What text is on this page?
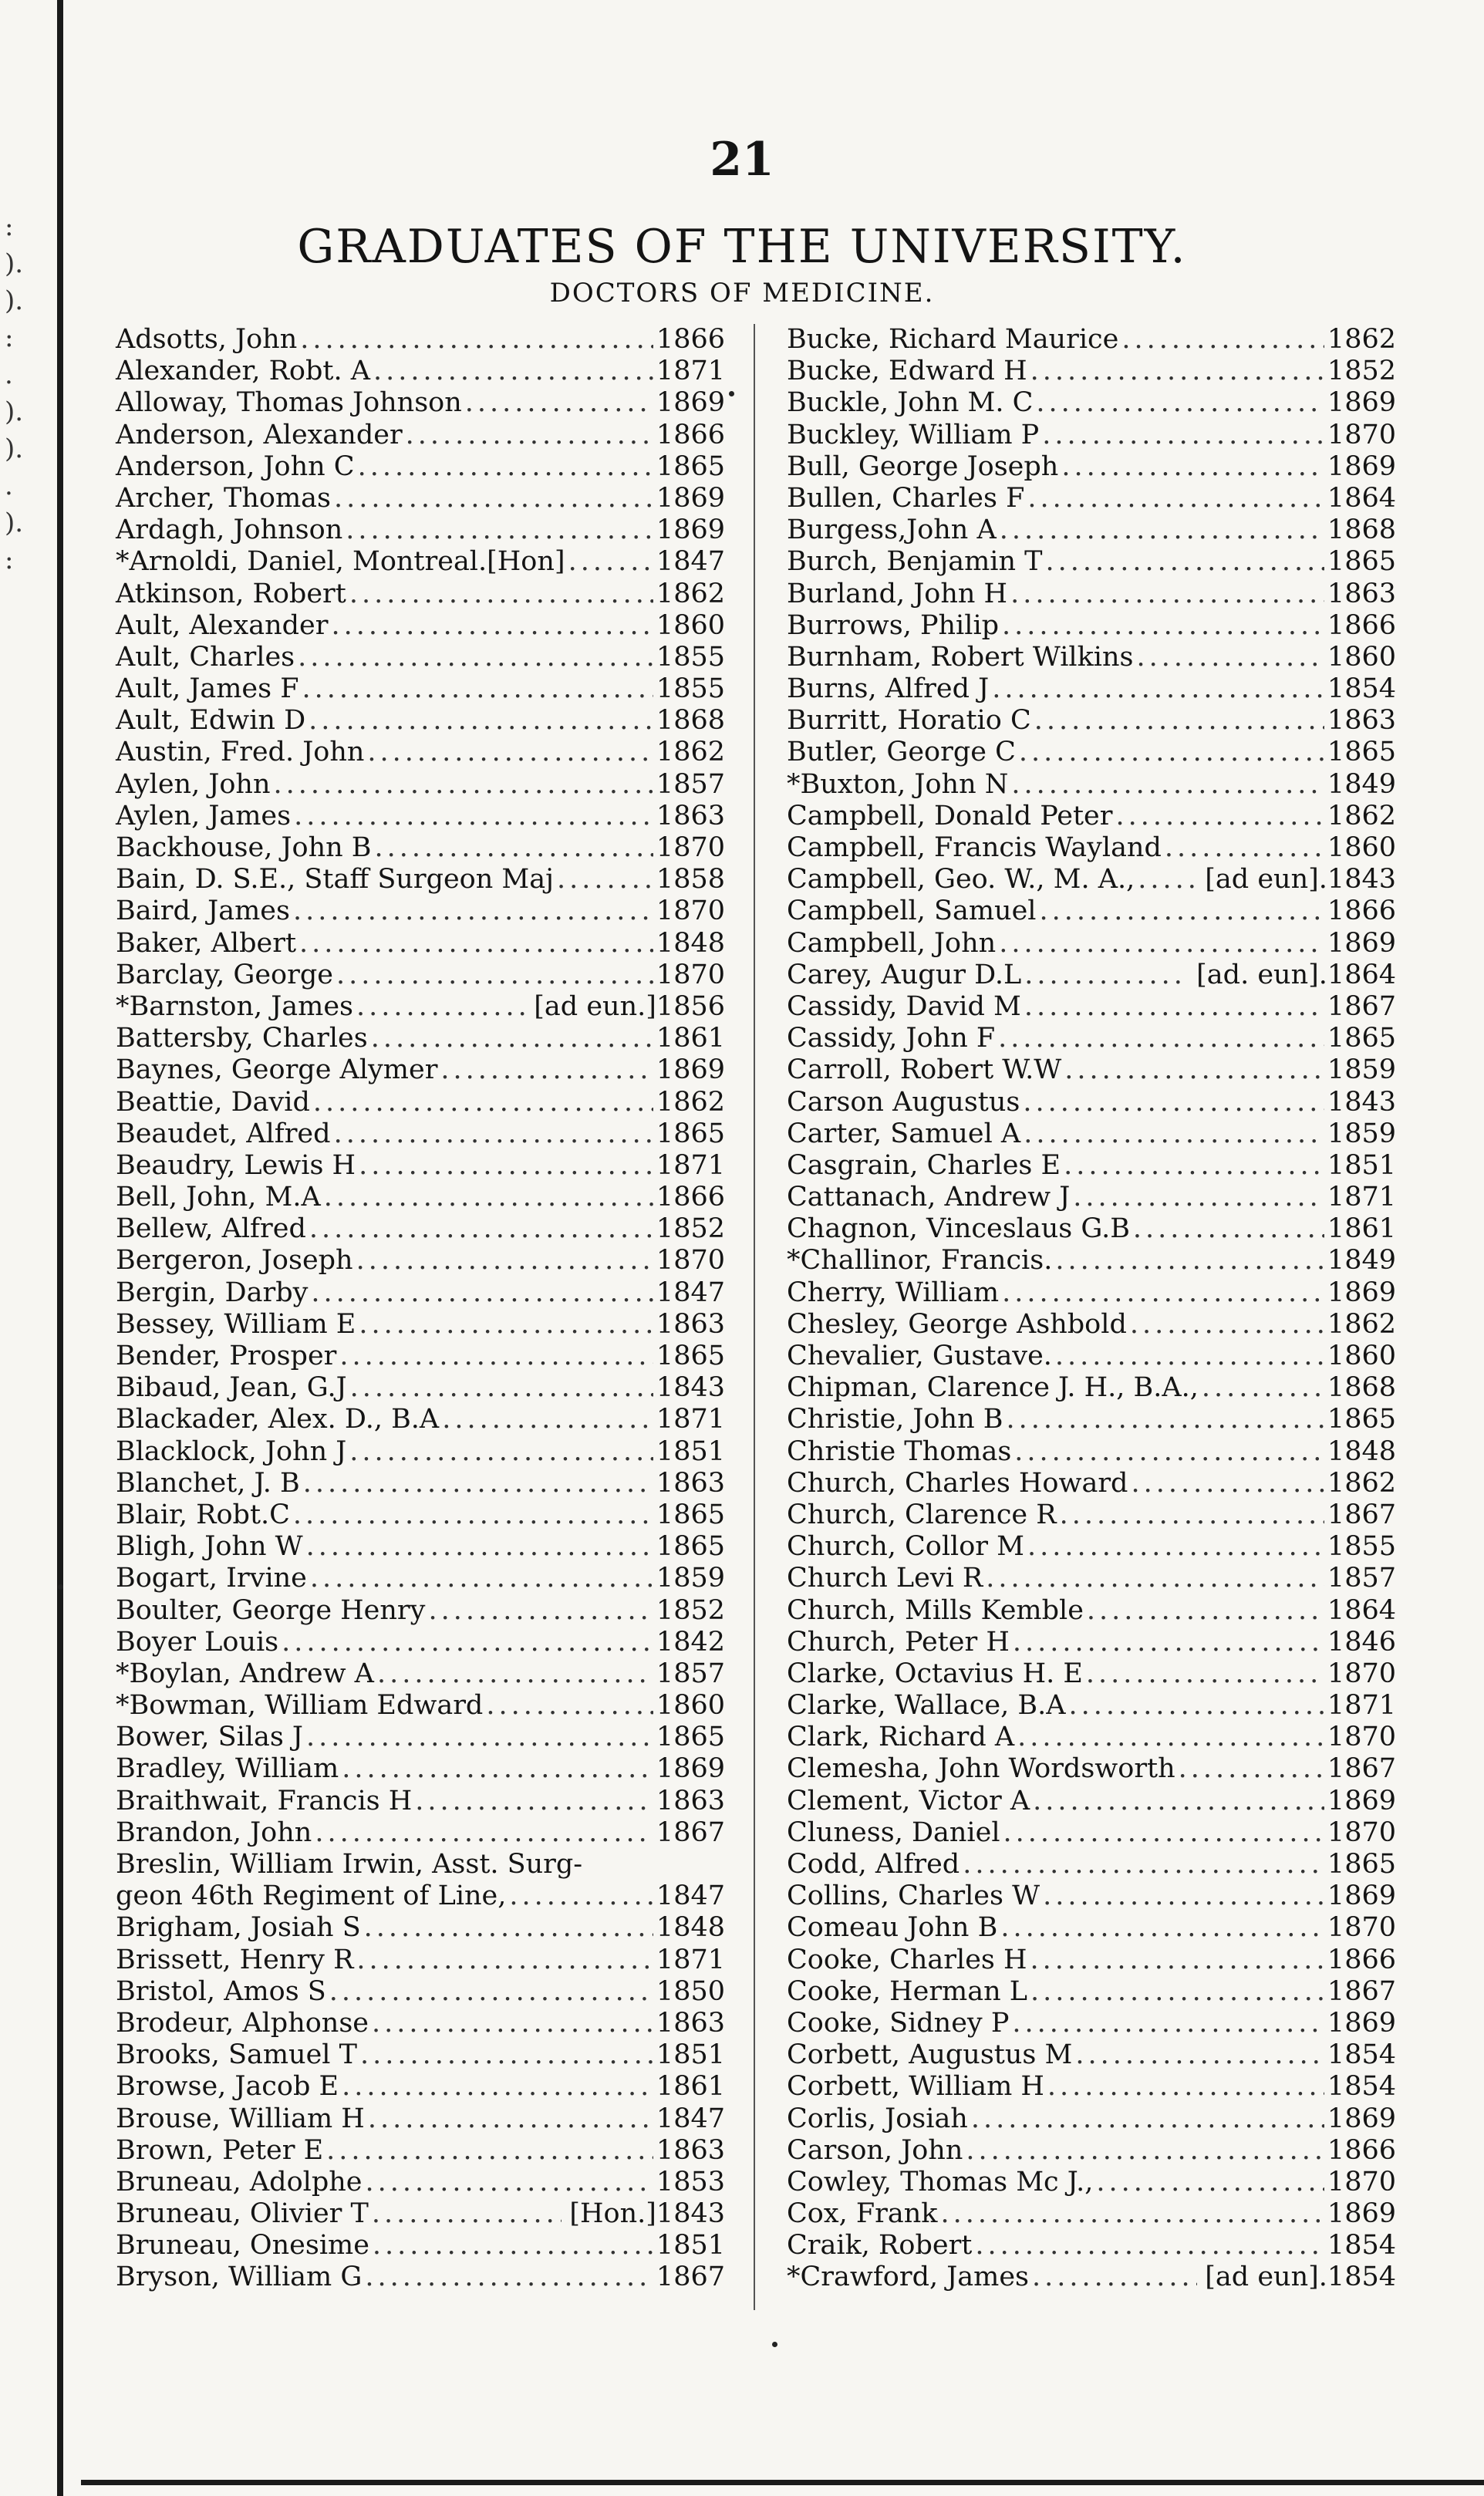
:
).
).
:
.
).
).
.
).
:
21
GRADUATES OF THE UNIVERSITY.
DOCTORS OF MEDICINE.
Adsotts, John .....	1866
Alexander, Robt. A .....	1871
Alloway, Thomas Johnson .....	1869
Anderson, Alexander .....	1866
Anderson, John C .....	1865
Archer, Thomas .....	1869
Ardagh, Johnson .....	1869
*Arnoldi, Daniel, Montreal.[Hon] .....	1847
Atkinson, Robert .....	1862
Ault, Alexander .....	1860
Ault, Charles .....	1855
Ault, James F .....	1855
Ault, Edwin D .....	1868
Austin, Fred. John .....	1862
Aylen, John .....	1857
Aylen, James .....	1863
Backhouse, John B .....	1870
Bain, D. S.E., Staff Surgeon Maj .....	1858
Baird, James .....	1870
Baker, Albert .....	1848
Barclay, George .....	1870
*Barnston, James .....	[ad eun.] 1856
Battersby, Charles .....	1861
Baynes, George Alymer .....	1869
Beattie, David .....	1862
Beaudet, Alfred .....	1865
Beaudry, Lewis H .....	1871
Bell, John, M.A .....	1866
Bellew, Alfred .....	1852
Bergeron, Joseph .....	1870
Bergin, Darby .....	1847
Bessey, William E .....	1863
Bender, Prosper .....	1865
Bibaud, Jean, G.J .....	1843
Blackader, Alex. D., B.A .....	1871
Blacklock, John J .....	1851
Blanchet, J. B .....	1863
Blair, Robt.C .....	1865
Bligh, John W .....	1865
Bogart, Irvine .....	1859
Boulter, George Henry .....	1852
Boyer Louis .....	1842
*Boylan, Andrew A .....	1857
*Bowman, William Edward .....	1860
Bower, Silas J .....	1865
Bradley, William .....	1869
Braithwait, Francis H .....	1863
Brandon, John .....	1867
Breslin, William Irwin, Asst. Surg-
geon 46th Regiment of Line, .....	1847
Brigham, Josiah S .....	1848
Brissett, Henry R .....	1871
Bristol, Amos S .....	1850
Brodeur, Alphonse .....	1863
Brooks, Samuel T .....	1851
Browse, Jacob E .....	1861
Brouse, William H .....	1847
Brown, Peter E .....	1863
Bruneau, Adolphe .....	1853
Bruneau, Olivier T .....	[Hon.] 1843
Bruneau, Onesime .....	1851
Bryson, William G .....	1867
Bucke, Richard Maurice .....	1862
Bucke, Edward H .....	1852
Buckle, John M. C .....	1869
Buckley, William P .....	1870
Bull, George Joseph .....	1869
Bullen, Charles F .....	1864
Burgess,John A .....	1868
Burch, Benjamin T .....	1865
Burland, John H .....	1863
Burrows, Philip .....	1866
Burnham, Robert Wilkins .....	1860
Burns, Alfred J .....	1854
Burritt, Horatio C .....	1863
Butler, George C .....	1865
*Buxton, John N .....	1849
Campbell, Donald Peter .....	1862
Campbell, Francis Wayland .....	1860
Campbell, Geo. W., M. A., .....	[ad eun]. 1843
Campbell, Samuel .....	1866
Campbell, John .....	1869
Carey, Augur D.L .....	[ad. eun]. 1864
Cassidy, David M .....	1867
Cassidy, John F .....	1865
Carroll, Robert W.W .....	1859
Carson Augustus .....	1843
Carter, Samuel A .....	1859
Casgrain, Charles E .....	1851
Cattanach, Andrew J .....	1871
Chagnon, Vinceslaus G.B .....	1861
*Challinor, Francis. .....	1849
Cherry, William .....	1869
Chesley, George Ashbold .....	1862
Chevalier, Gustave. .....	1860
Chipman, Clarence J. H., B.A., .....	1868
Christie, John B .....	1865
Christie Thomas .....	1848
Church, Charles Howard .....	1862
Church, Clarence R .....	1867
Church, Collor M .....	1855
Church Levi R .....	1857
Church, Mills Kemble .....	1864
Church, Peter H .....	1846
Clarke, Octavius H. E .....	1870
Clarke, Wallace, B.A .....	1871
Clark, Richard A .....	1870
Clemesha, John Wordsworth .....	1867
Clement, Victor A .....	1869
Cluness, Daniel .....	1870
Codd, Alfred .....	1865
Collins, Charles W .....	1869
Comeau John B .....	1870
Cooke, Charles H .....	1866
Cooke, Herman L .....	1867
Cooke, Sidney P .....	1869
Corbett, Augustus M .....	1854
Corbett, William H .....	1854
Corlis, Josiah .....	1869
Carson, John .....	1866
Cowley, Thomas Mc J., .....	1870
Cox, Frank .....	1869
Craik, Robert .....	1854
*Crawford, James .....	[ad eun]. 1854
